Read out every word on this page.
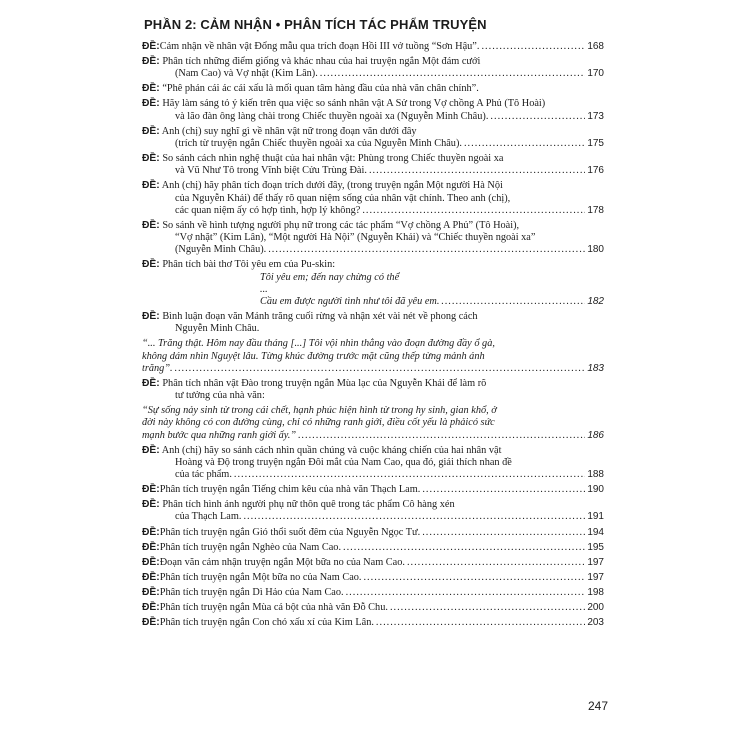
PHẦN 2: CẢM NHẬN • PHÂN TÍCH TÁC PHẨM TRUYỆN
ĐỀ: Cảm nhận về nhân vật Đổng mẫu qua trích đoạn Hồi III vở tuồng “Sơn Hậu”. .....	168
ĐỀ: Phân tích những điểm giống và khác nhau của hai truyện ngắn Một đám cưới
(Nam Cao) và Vợ nhặt (Kim Lân). .....	170
ĐỀ: “Phê phán cái ác cái xấu là mối quan tâm hàng đầu của nhà văn chân chính”.
ĐỀ: Hãy làm sáng tỏ ý kiến trên qua việc so sánh nhân vật A Sử trong Vợ chồng A Phủ (Tô Hoài)
và lão đàn ông làng chài trong Chiếc thuyền ngoài xa (Nguyễn Minh Châu). .....	173
ĐỀ: Anh (chị) suy nghĩ gì về nhân vật nữ trong đoạn văn dưới đây
(trích từ truyện ngắn Chiếc thuyền ngoài xa của Nguyễn Minh Châu). .....	175
ĐỀ: So sánh cách nhìn nghệ thuật của hai nhân vật: Phùng trong Chiếc thuyền ngoài xa
và Vũ Như Tô trong Vĩnh biệt Cửu Trùng Đài. .....	176
ĐỀ: Anh (chị) hãy phân tích đoạn trích dưới đây, (trong truyện ngắn Một người Hà Nội
của Nguyễn Khải) để thấy rõ quan niệm sống của nhân vật chính. Theo anh (chị),
các quan niệm ấy có hợp tình, hợp lý không? .....	178
ĐỀ: So sánh về hình tượng người phụ nữ trong các tác phẩm “Vợ chồng A Phủ” (Tô Hoài),
“Vợ nhặt” (Kim Lân), “Một người Hà Nội” (Nguyễn Khải) và “Chiếc thuyền ngoài xa”
(Nguyễn Minh Châu). .....	180
ĐỀ: Phân tích bài thơ Tôi yêu em của Pu-skin:
Tôi yêu em; đến nay chừng có thể
...
Cầu em được người tình như tôi đã yêu em. .....	182
ĐỀ: Bình luận đoạn văn Mảnh trăng cuối rừng và nhận xét vài nét về phong cách
Nguyễn Minh Châu.
“... Trăng thật. Hôm nay đầu tháng [...] Tôi vội nhìn thẳng vào đoạn đường đầy ổ gà,
không dám nhìn Nguyệt lâu. Từng khúc đường trước mặt cũng thếp từng mảnh ánh
trăng”. .....	183
ĐỀ: Phân tích nhân vật Đào trong truyện ngắn Mùa lạc của Nguyễn Khải để làm rõ
tư tưởng của nhà văn:
“Sự sống nảy sinh từ trong cái chết, hạnh phúc hiện hình từ trong hy sinh, gian khổ, ở
đời này không có con đường cùng, chỉ có những ranh giới, điều cốt yếu là phảicó sức
mạnh bước qua những ranh giới ấy.” .....	186
ĐỀ: Anh (chị) hãy so sánh cách nhìn quần chúng và cuộc kháng chiến của hai nhân vật
Hoàng và Độ trong truyện ngắn Đôi mắt của Nam Cao, qua đó, giải thích nhan đề
của tác phẩm. .....	188
ĐỀ: Phân tích truyện ngắn Tiếng chim kêu của nhà văn Thạch Lam. .....	190
ĐỀ: Phân tích hình ảnh người phụ nữ thôn quê trong tác phẩm Cô hàng xén
của Thạch Lam. .....	191
ĐỀ: Phân tích truyện ngắn Gió thổi suốt đêm của Nguyễn Ngọc Tư. .....	194
ĐỀ: Phân tích truyện ngắn Nghèo của Nam Cao. .....	195
ĐỀ: Đoạn văn cảm nhận truyện ngắn Một bữa no của Nam Cao. .....	197
ĐỀ: Phân tích truyện ngắn Một bữa no của Nam Cao. .....	197
ĐỀ: Phân tích truyện ngắn Dì Hảo của Nam Cao. .....	198
ĐỀ: Phân tích truyện ngắn Mùa cá bột của nhà văn Đỗ Chu. .....	200
ĐỀ: Phân tích truyện ngắn Con chó xấu xí của Kim Lân. .....	203
247
